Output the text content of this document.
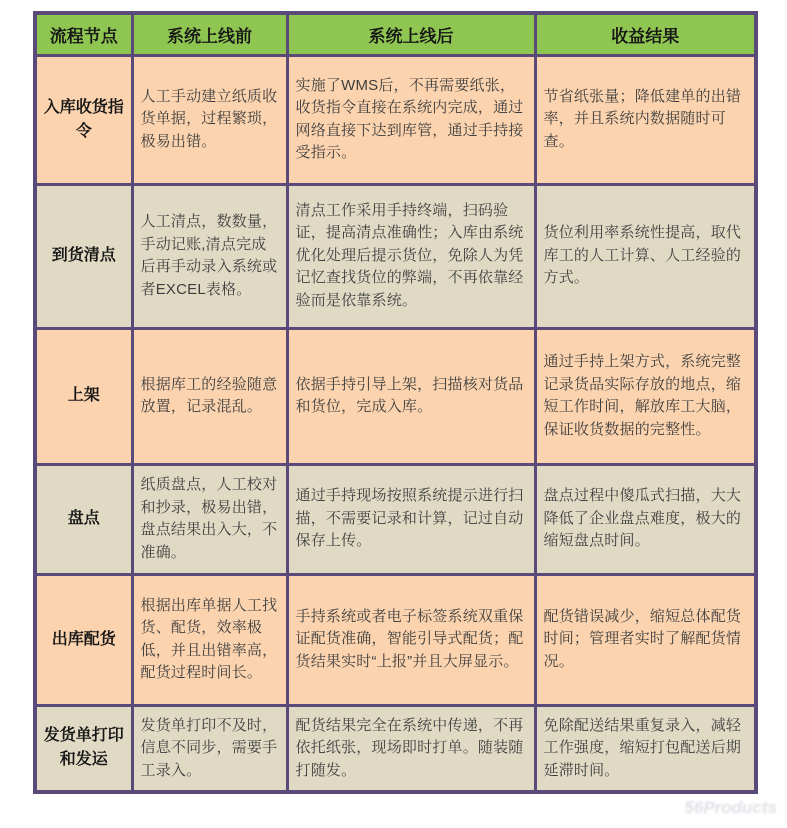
流程节点	系统上线前	系统上线后	收益结果
入库收货指令	人工手动建立纸质收货单据，过程繁琐，极易出错。	实施了WMS后，不再需要纸张，收货指令直接在系统内完成，通过网络直接下达到库管，通过手持接受指示。	节省纸张量；降低建单的出错率，并且系统内数据随时可查。
到货清点	人工清点，数数量，手动记账,清点完成后再手动录入系统或者EXCEL表格。	清点工作采用手持终端，扫码验证，提高清点准确性；入库由系统优化处理后提示货位，免除人为凭记忆查找货位的弊端，不再依靠经验而是依靠系统。	货位利用率系统性提高，取代库工的人工计算、人工经验的方式。
上架	根据库工的经验随意放置，记录混乱。	依据手持引导上架，扫描核对货品和货位，完成入库。	通过手持上架方式，系统完整记录货品实际存放的地点，缩短工作时间，解放库工大脑，保证收货数据的完整性。
盘点	纸质盘点，人工校对和抄录，极易出错，盘点结果出入大，不准确。	通过手持现场按照系统提示进行扫描，不需要记录和计算，记过自动保存上传。	盘点过程中傻瓜式扫描，大大降低了企业盘点难度，极大的缩短盘点时间。
出库配货	根据出库单据人工找货、配货，效率极低，并且出错率高，配货过程时间长。	手持系统或者电子标签系统双重保证配货准确，智能引导式配货；配货结果实时“上报”并且大屏显示。	配货错误减少，缩短总体配货时间；管理者实时了解配货情况。
发货单打印和发运	发货单打印不及时，信息不同步，需要手工录入。	配货结果完全在系统中传递，不再依托纸张，现场即时打单。随装随打随发。	免除配送结果重复录入，减轻工作强度，缩短打包配送后期延滞时间。
56Products
